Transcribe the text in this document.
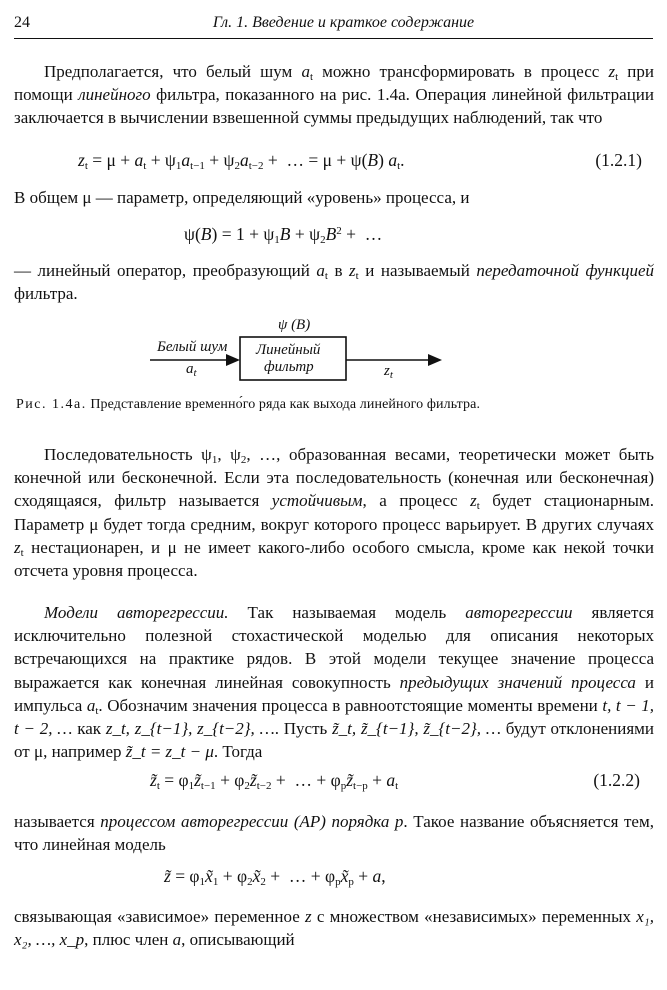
24	Гл. 1. Введение и краткое содержание
Предполагается, что белый шум $a_t$ можно трансформировать в процесс $z_t$ при помощи линейного фильтра, показанного на рис. 1.4а. Операция линейной фильтрации заключается в вычислении взвешенной суммы предыдущих наблюдений, так что
$z_t = \mu + a_t + \psi_1a_{t-1} + \psi_2a_{t-2}$ +  … = μ + ψ(B) $a_t$.	(1.2.1)
В общем μ — параметр, определяющий «уровень» процесса, и
$\psi(B) = 1 + \psi_1B + \psi_2B^2$ +  …
— линейный оператор, преобразующий $a_t$ в $z_t$ и называемый передаточной функцией фильтра.
ψ (B)
Белый шум
$a_t$
Линейный
фильтр	$z_t$
Рис. 1.4а. Представление временно́го ряда как выхода линейного фильтра.
Последовательность $\psi_1$, $\psi_2$, …, образованная весами, теоретически может быть конечной или бесконечной. Если эта последовательность (конечная или бесконечная) сходящаяся, фильтр называется устойчивым, а процесс $z_t$ будет стационарным. Параметр μ будет тогда средним, вокруг которого процесс варьирует. В других случаях $z_t$ нестационарен, и μ не имеет какого-либо особого смысла, кроме как некой точки отсчета уровня процесса.
Модели авторегрессии. Так называемая модель авторегрессии является исключительно полезной стохастической моделью для описания некоторых встречающихся на практике рядов. В этой модели текущее значение процесса выражается как конечная линейная совокупность предыдущих значений процесса и импульса $a_t$. Обозначим значения процесса в равноотстоящие моменты времени t, t − 1, t − 2, … как z_t, z_{t−1}, z_{t−2}, …. Пусть z̃_t, z̃_{t−1}, z̃_{t−2}, … будут отклонениями от μ, например z̃_t = z_t − μ. Тогда
$z̃_t$ = $\varphi_1z̃_{t-1}$ + $\varphi_2z̃_{t-2}$ +  … + $\varphi_pz̃_{t-p} + a_t$	(1.2.2)
называется процессом авторегрессии (АР) порядка p. Такое название объясняется тем, что линейная модель
z̃ = $\varphi_1x̃_1$ + $\varphi_2x̃_2$ +  … + $\varphi_px̃_p + a$,
связывающая «зависимое» переменное z с множеством «независимых» переменных x₁, x₂, …, x_p, плюс член a, описывающий
